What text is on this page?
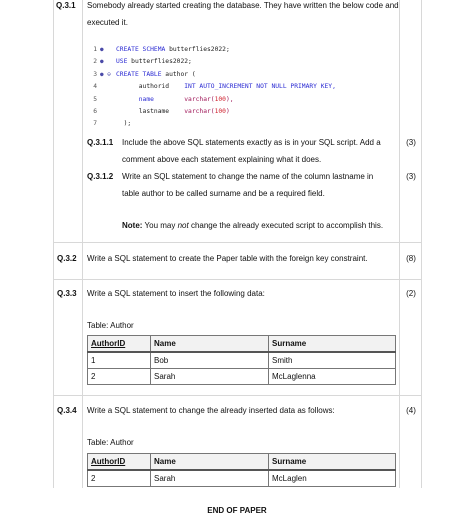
Q.3.1 Somebody already started creating the database. They have written the below code and executed it.
1 ● CREATE SCHEMA butterflies2022;
2 ● USE butterflies2022;
3 ● ⊖ CREATE TABLE author (
4	authorid    INT AUTO_INCREMENT NOT NULL PRIMARY KEY,
5	name        varchar(100),
6	lastname    varchar(100)
7	);
Q.3.1.1 Include the above SQL statements exactly as is in your SQL script. Add a
comment above each statement explaining what it does.
(3)
Q.3.1.2 Write an SQL statement to change the name of the column lastname in
table author to be called surname and be a required field.
(3)
Note: You may not change the already executed script to accomplish this.
Q.3.2 Write a SQL statement to create the Paper table with the foreign key constraint.	(8)
Q.3.3 Write a SQL statement to insert the following data:	(2)
Table: Author
AuthorID	Name	Surname
1	Bob	Smith
2	Sarah	McLaglenna
Q.3.4 Write a SQL statement to change the already inserted data as follows:	(4)
Table: Author
AuthorID	Name	Surname
2	Sarah	McLaglen
END OF PAPER
